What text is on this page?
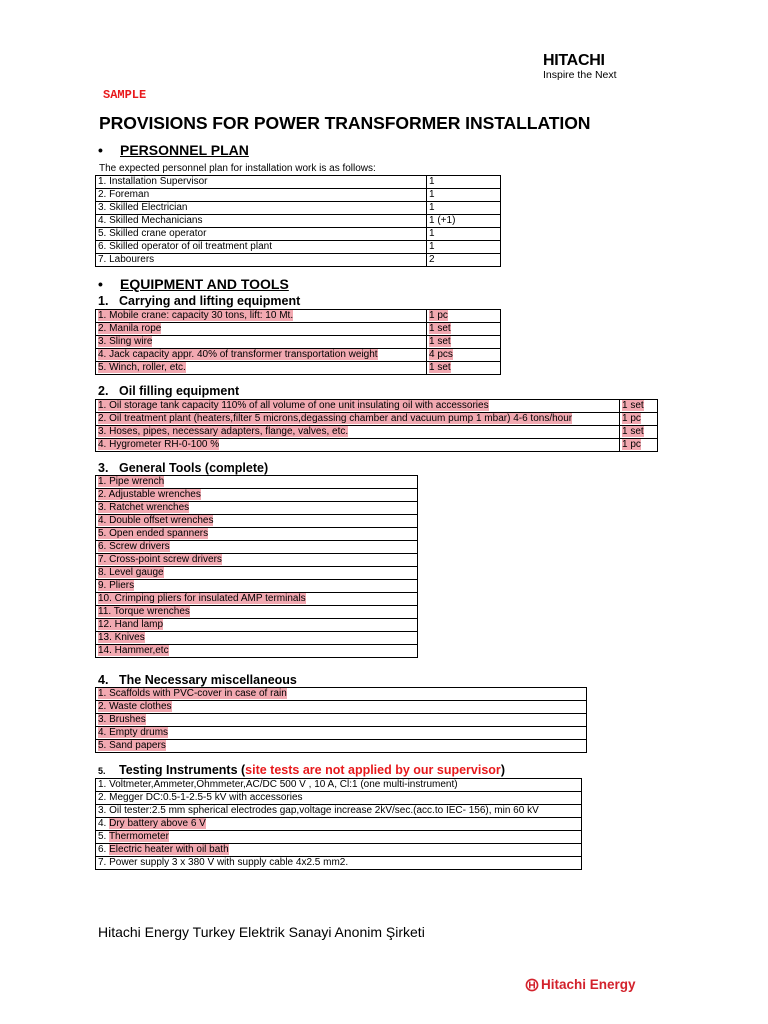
HITACHI
Inspire the Next
SAMPLE
PROVISIONS FOR POWER TRANSFORMER INSTALLATION
• PERSONNEL PLAN

The expected personnel plan for installation work is as follows:

1. Installation Supervisor	1
2. Foreman	1
3. Skilled Electrician	1
4. Skilled Mechanicians	1 (+1)
5. Skilled crane operator	1
6. Skilled operator of oil treatment plant	1
7. Labourers	2
• EQUIPMENT AND TOOLS
1. Carrying and lifting equipment
1. Mobile crane: capacity 30 tons, lift: 10 Mt.	1 pc
2. Manila rope	1 set
3. Sling wire	1 set
4. Jack capacity appr. 40% of transformer transportation weight	4 pcs
5. Winch, roller, etc.	1 set
2. Oil filling equipment
1. Oil storage tank capacity 110% of all volume of one unit insulating oil with accessories	1 set
2. Oil treatment plant (heaters,filter 5 microns,degassing chamber and vacuum pump 1 mbar) 4-6 tons/hour	1 pc
3. Hoses, pipes, necessary adapters, flange, valves, etc.	1 set
4. Hygrometer RH-0-100 %	1 pc
3. General Tools (complete)
1. Pipe wrench
2. Adjustable wrenches
3. Ratchet wrenches
4. Double offset wrenches
5. Open ended spanners
6. Screw drivers
7. Cross-point screw drivers
8. Level gauge
9. Pliers
10. Crimping pliers for insulated AMP terminals
11. Torque wrenches
12. Hand lamp
13. Knives
14. Hammer,etc
4. The Necessary miscellaneous
1. Scaffolds with PVC-cover in case of rain
2. Waste clothes
3. Brushes
4. Empty drums
5. Sand papers
5. Testing Instruments (site tests are not applied by our supervisor)
1. Voltmeter,Ammeter,Ohmmeter,AC/DC 500 V , 10 A, Cl:1 (one multi-instrument)
2. Megger DC:0.5-1-2.5-5 kV with accessories
3. Oil tester:2.5 mm spherical electrodes gap,voltage increase 2kV/sec.(acc.to IEC- 156), min 60 kV
4. Dry battery above 6 V
5. Thermometer
6. Electric heater with oil bath
7. Power supply 3 x 380 V with supply cable 4x2.5 mm2.
Hitachi Energy Turkey Elektrik Sanayi Anonim Şirketi
Hitachi Energy
